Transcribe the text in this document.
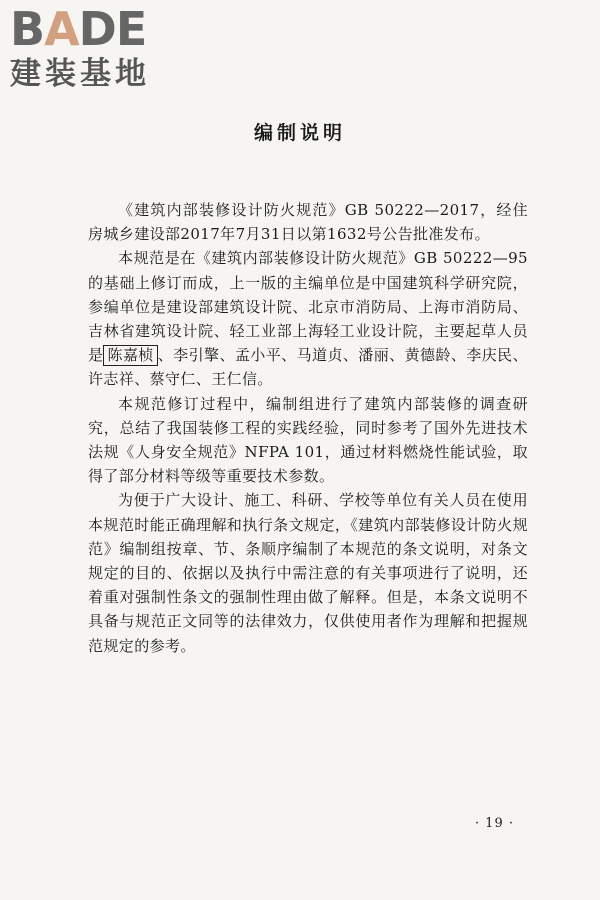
BADE
建装基地
编制说明

《建筑内部装修设计防火规范》GB 50222—2017，经住房城乡建设部2017年7月31日以第1632号公告批准发布。

本规范是在《建筑内部装修设计防火规范》GB 50222—95的基础上修订而成，上一版的主编单位是中国建筑科学研究院，参编单位是建设部建筑设计院、北京市消防局、上海市消防局、吉林省建筑设计院、轻工业部上海轻工业设计院，主要起草人员是 陈嘉桢 、李引擎、孟小平、马道贞、潘丽、黄德龄、李庆民、许志祥、蔡守仁、王仁信。

本规范修订过程中，编制组进行了建筑内部装修的调查研究，总结了我国装修工程的实践经验，同时参考了国外先进技术法规《人身安全规范》NFPA 101，通过材料燃烧性能试验，取得了部分材料等级等重要技术参数。

为便于广大设计、施工、科研、学校等单位有关人员在使用本规范时能正确理解和执行条文规定，《建筑内部装修设计防火规范》编制组按章、节、条顺序编制了本规范的条文说明，对条文规定的目的、依据以及执行中需注意的有关事项进行了说明，还着重对强制性条文的强制性理由做了解释。但是，本条文说明不具备与规范正文同等的法律效力，仅供使用者作为理解和把握规范规定的参考。

· 19 ·
